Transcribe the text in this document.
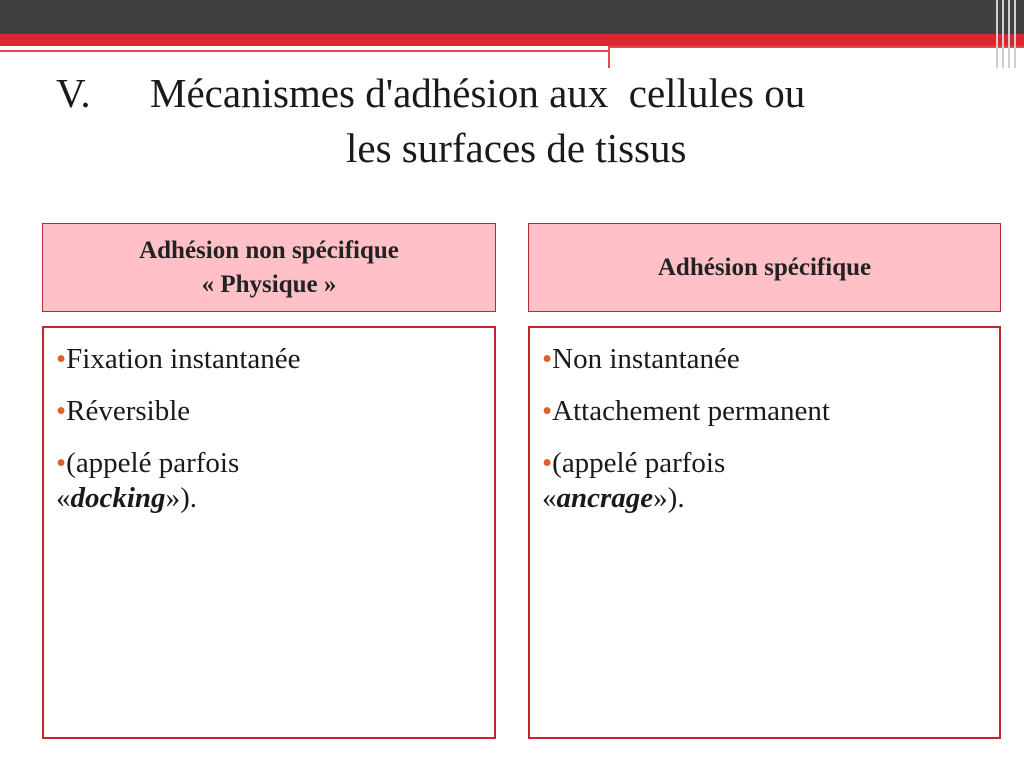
V. Mécanismes d'adhésion aux  cellules ou
les surfaces de tissus
Adhésion non spécifique
« Physique »
•Fixation instantanée
•Réversible
•(appelé parfois
«docking»).
Adhésion spécifique
•Non instantanée
•Attachement permanent
•(appelé parfois
«ancrage»).
